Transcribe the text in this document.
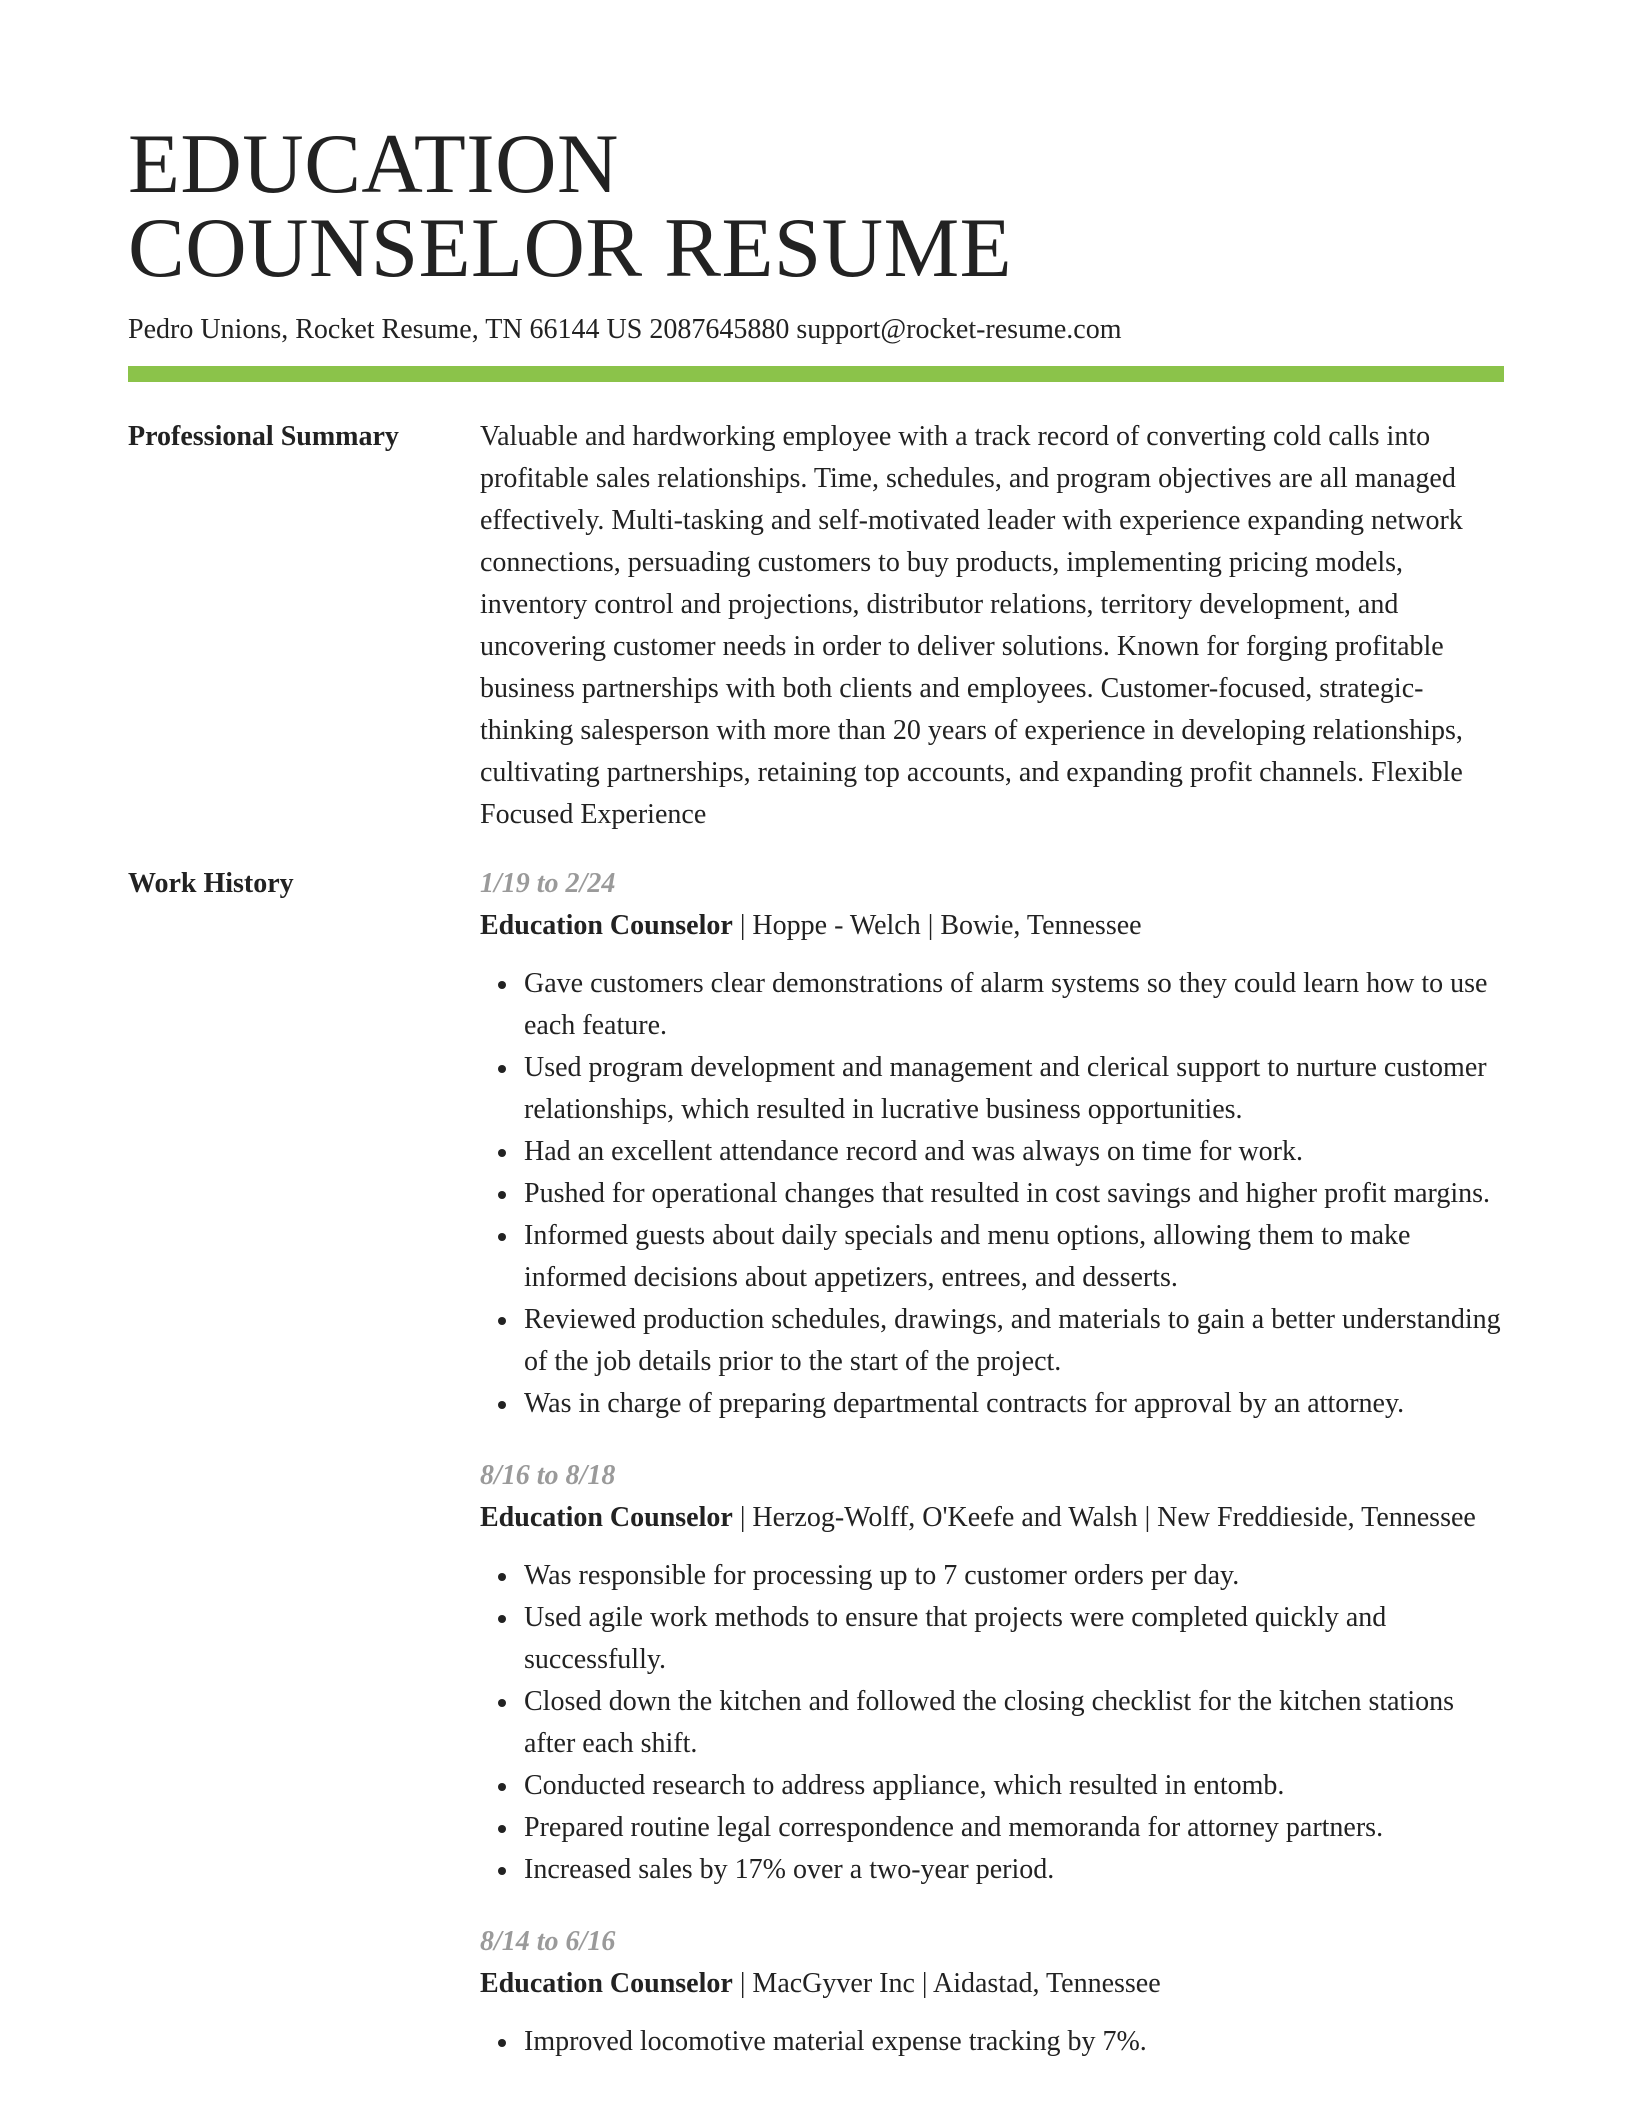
EDUCATION
COUNSELOR RESUME
Pedro Unions, Rocket Resume, TN 66144 US 2087645880 support@rocket-resume.com
Professional Summary	Valuable and hardworking employee with a track record of converting cold calls into profitable sales relationships. Time, schedules, and program objectives are all managed effectively. Multi-tasking and self-motivated leader with experience expanding network connections, persuading customers to buy products, implementing pricing models, inventory control and projections, distributor relations, territory development, and uncovering customer needs in order to deliver solutions. Known for forging profitable business partnerships with both clients and employees. Customer-focused, strategic-thinking salesperson with more than 20 years of experience in developing relationships, cultivating partnerships, retaining top accounts, and expanding profit channels. Flexible Focused Experience

Work History	1/19 to 2/24
Education Counselor | Hoppe - Welch | Bowie, Tennessee
Gave customers clear demonstrations of alarm systems so they could learn how to use each feature.
Used program development and management and clerical support to nurture customer relationships, which resulted in lucrative business opportunities.
Had an excellent attendance record and was always on time for work.
Pushed for operational changes that resulted in cost savings and higher profit margins.
Informed guests about daily specials and menu options, allowing them to make informed decisions about appetizers, entrees, and desserts.
Reviewed production schedules, drawings, and materials to gain a better understanding of the job details prior to the start of the project.
Was in charge of preparing departmental contracts for approval by an attorney.
8/16 to 8/18
Education Counselor | Herzog-Wolff, O'Keefe and Walsh | New Freddieside, Tennessee
Was responsible for processing up to 7 customer orders per day.
Used agile work methods to ensure that projects were completed quickly and successfully.
Closed down the kitchen and followed the closing checklist for the kitchen stations after each shift.
Conducted research to address appliance, which resulted in entomb.
Prepared routine legal correspondence and memoranda for attorney partners.
Increased sales by 17% over a two-year period.
8/14 to 6/16
Education Counselor | MacGyver Inc | Aidastad, Tennessee
Improved locomotive material expense tracking by 7%.
